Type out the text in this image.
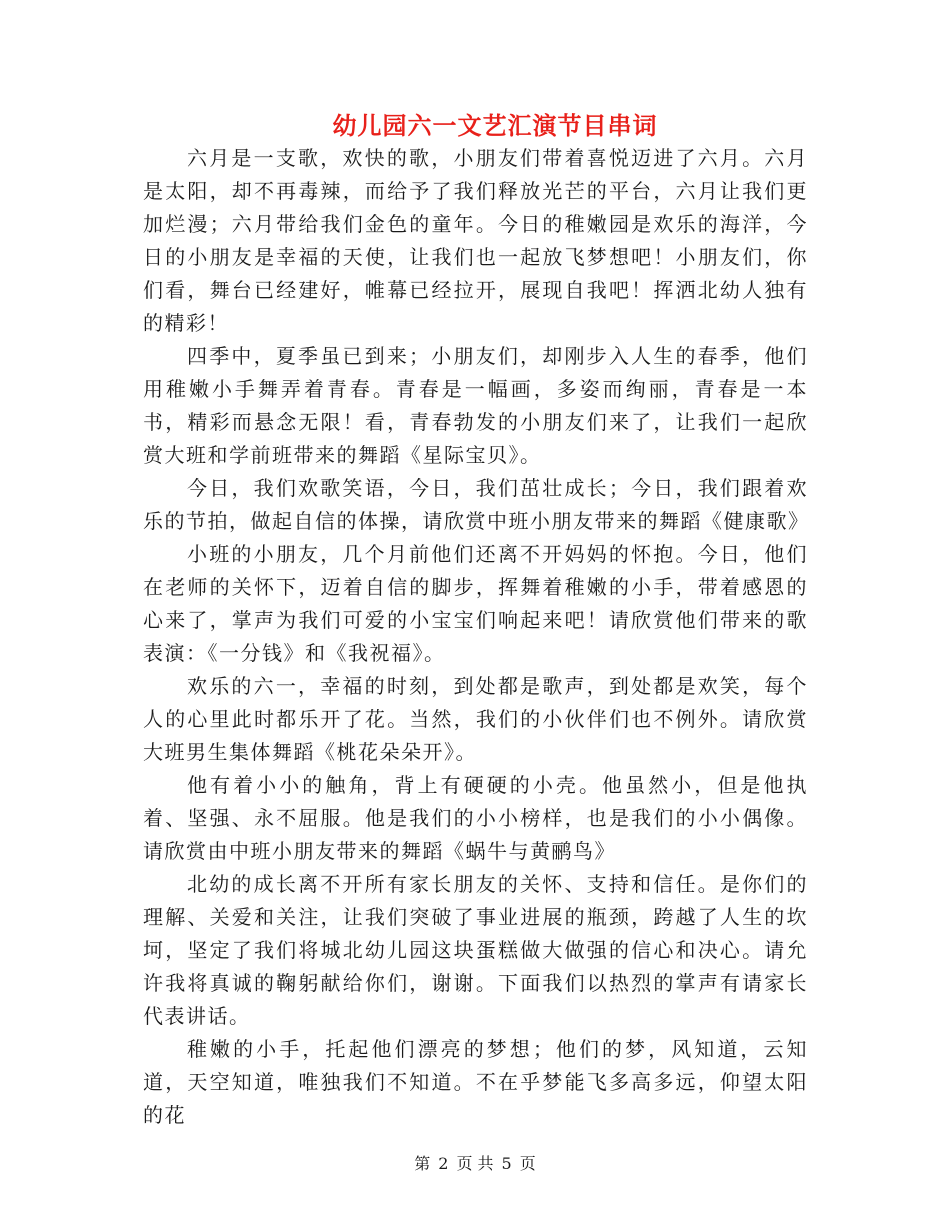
幼儿园六一文艺汇演节目串词

六月是一支歌，欢快的歌，小朋友们带着喜悦迈进了六月。六月是太阳，却不再毒辣，而给予了我们释放光芒的平台，六月让我们更加烂漫；六月带给我们金色的童年。今日的稚嫩园是欢乐的海洋，今日的小朋友是幸福的天使，让我们也一起放飞梦想吧！小朋友们，你们看，舞台已经建好，帷幕已经拉开，展现自我吧！挥洒北幼人独有的精彩！

四季中，夏季虽已到来；小朋友们，却刚步入人生的春季，他们用稚嫩小手舞弄着青春。青春是一幅画，多姿而绚丽，青春是一本书，精彩而悬念无限！看，青春勃发的小朋友们来了，让我们一起欣赏大班和学前班带来的舞蹈《星际宝贝》。

今日，我们欢歌笑语，今日，我们茁壮成长；今日，我们跟着欢乐的节拍，做起自信的体操，请欣赏中班小朋友带来的舞蹈《健康歌》

小班的小朋友，几个月前他们还离不开妈妈的怀抱。今日，他们在老师的关怀下，迈着自信的脚步，挥舞着稚嫩的小手，带着感恩的心来了，掌声为我们可爱的小宝宝们响起来吧！请欣赏他们带来的歌表演：《一分钱》和《我祝福》。

欢乐的六一，幸福的时刻，到处都是歌声，到处都是欢笑，每个人的心里此时都乐开了花。当然，我们的小伙伴们也不例外。请欣赏大班男生集体舞蹈《桃花朵朵开》。

他有着小小的触角，背上有硬硬的小壳。他虽然小，但是他执着、坚强、永不屈服。他是我们的小小榜样，也是我们的小小偶像。请欣赏由中班小朋友带来的舞蹈《蜗牛与黄鹂鸟》

北幼的成长离不开所有家长朋友的关怀、支持和信任。是你们的理解、关爱和关注，让我们突破了事业进展的瓶颈，跨越了人生的坎坷，坚定了我们将城北幼儿园这块蛋糕做大做强的信心和决心。请允许我将真诚的鞠躬献给你们，谢谢。下面我们以热烈的掌声有请家长代表讲话。

稚嫩的小手，托起他们漂亮的梦想；他们的梦，风知道，云知道，天空知道，唯独我们不知道。不在乎梦能飞多高多远，仰望太阳的花

第 2 页 共 5 页
